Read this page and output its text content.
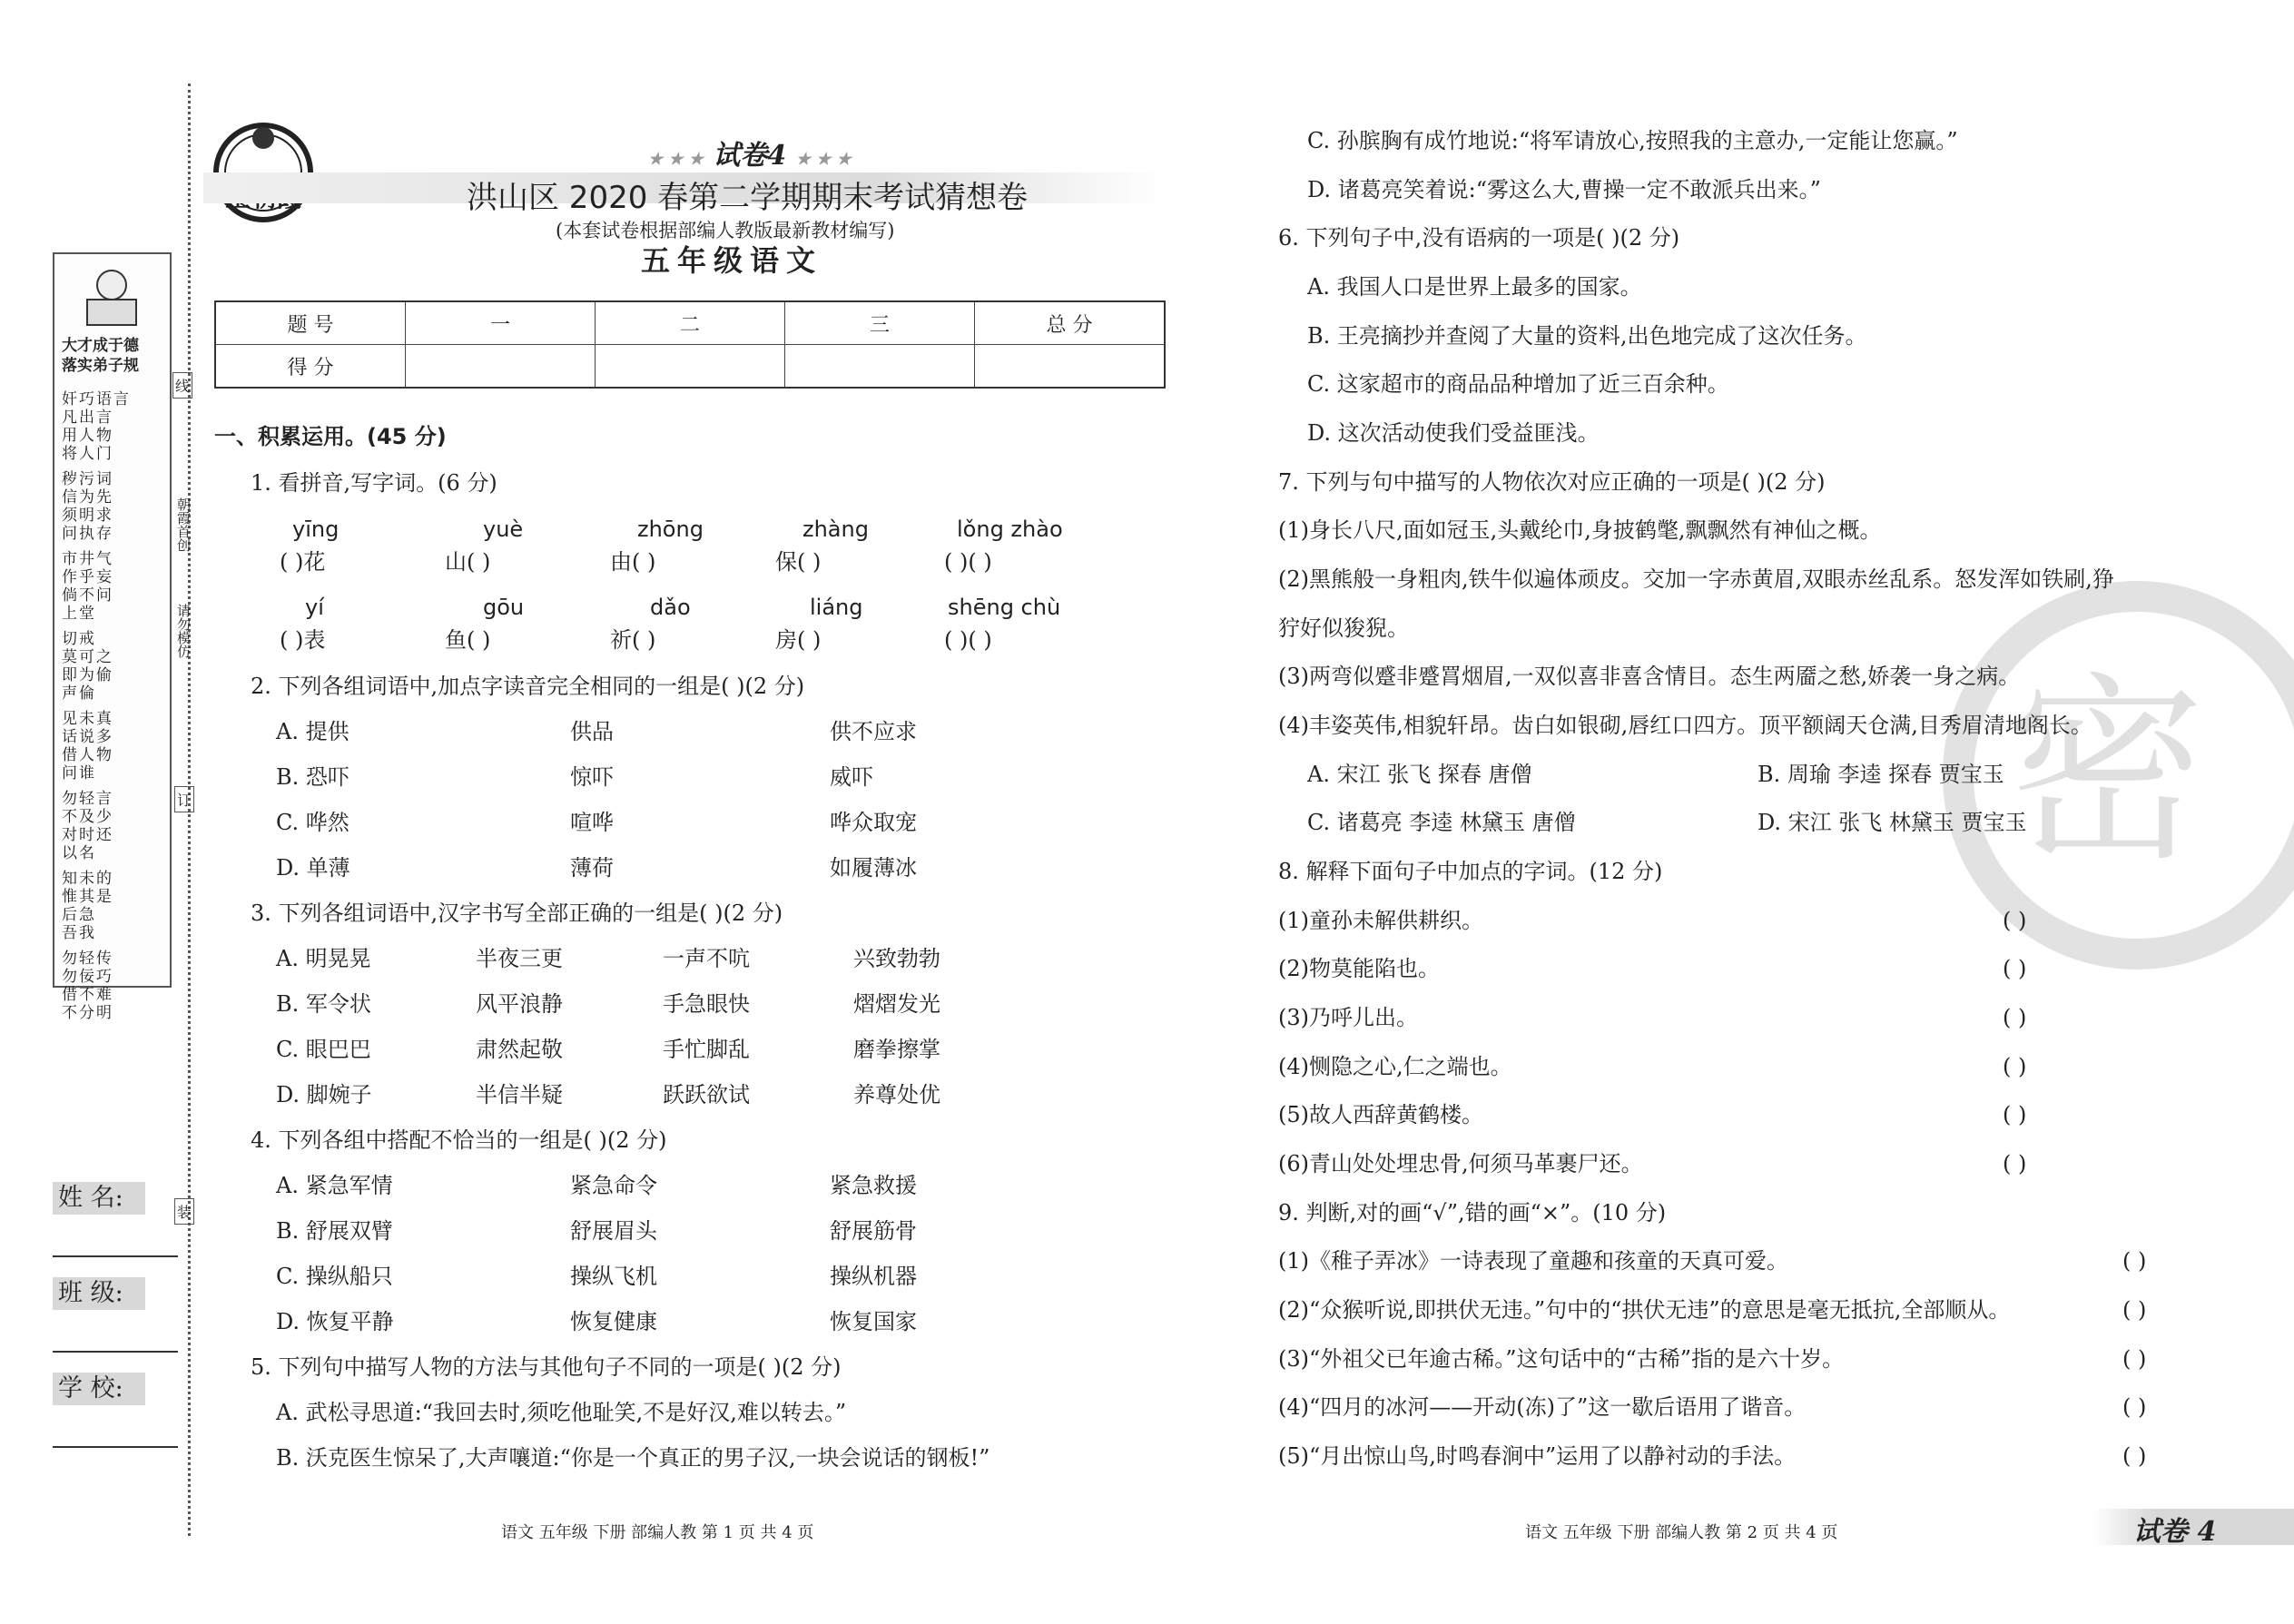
大才成于德
落实弟子规
奸巧语言
凡出言
用人物
将人门
秽污词
信为先
须明求
问执存
市井气
作乎妄
倘不问
上堂
切戒
莫可之
即为偷
声倫
见未真
话说多
借人物
问谁
勿轻言
不及少
对时还
以名
知未的
惟其是
后急
吾我
勿轻传
勿佞巧
借不难
不分明
线
朝霞首创
请勿模仿
订
装
姓 名:
班 级:
学 校:
★ ★ ★ 试卷4 ★ ★ ★
洪山区 2020 春第二学期期末考试猜想卷
(本套试卷根据部编人教版最新教材编写)
五年级语文
题 号	一	二	三	总 分
得 分				
一、积累运用。(45 分)
1. 看拼音,写字词。(6 分)
yīng	yuè	zhōng	zhàng	lǒng zhào
( )花	山( )	由( )	保( )	( )( )
yí	gōu	dǎo	liáng	shēng chù
( )表	鱼( )	祈( )	房( )	( )( )
2. 下列各组词语中,加点字读音完全相同的一组是( )(2 分)
A. 提供	供品	供不应求
B. 恐吓	惊吓	威吓
C. 哗然	喧哗	哗众取宠
D. 单薄	薄荷	如履薄冰
3. 下列各组词语中,汉字书写全部正确的一组是( )(2 分)
A. 明晃晃	半夜三更	一声不吭	兴致勃勃
B. 军令状	风平浪静	手急眼快	熠熠发光
C. 眼巴巴	肃然起敬	手忙脚乱	磨拳擦掌
D. 脚婉子	半信半疑	跃跃欲试	养尊处优
4. 下列各组中搭配不恰当的一组是( )(2 分)
A. 紧急军情	紧急命令	紧急救援
B. 舒展双臂	舒展眉头	舒展筋骨
C. 操纵船只	操纵飞机	操纵机器
D. 恢复平静	恢复健康	恢复国家
5. 下列句中描写人物的方法与其他句子不同的一项是( )(2 分)
A. 武松寻思道:“我回去时,须吃他耻笑,不是好汉,难以转去。”
B. 沃克医生惊呆了,大声嚷道:“你是一个真正的男子汉,一块会说话的钢板!”
语文 五年级 下册 部编人教 第 1 页 共 4 页
密
C. 孙膑胸有成竹地说:“将军请放心,按照我的主意办,一定能让您赢。”
D. 诸葛亮笑着说:“雾这么大,曹操一定不敢派兵出来。”
6. 下列句子中,没有语病的一项是( )(2 分)
A. 我国人口是世界上最多的国家。
B. 王亮摘抄并查阅了大量的资料,出色地完成了这次任务。
C. 这家超市的商品品种增加了近三百余种。
D. 这次活动使我们受益匪浅。
7. 下列与句中描写的人物依次对应正确的一项是( )(2 分)
(1)身长八尺,面如冠玉,头戴纶巾,身披鹤氅,飘飘然有神仙之概。
(2)黑熊般一身粗肉,铁牛似遍体顽皮。交加一字赤黄眉,双眼赤丝乱系。怒发浑如铁刷,狰
狞好似狻猊。
(3)两弯似蹙非蹙罥烟眉,一双似喜非喜含情目。态生两靥之愁,娇袭一身之病。
(4)丰姿英伟,相貌轩昂。齿白如银砌,唇红口四方。顶平额阔天仓满,目秀眉清地阁长。
A. 宋江 张飞 探春 唐僧	B. 周瑜 李逵 探春 贾宝玉
C. 诸葛亮 李逵 林黛玉 唐僧	D. 宋江 张飞 林黛玉 贾宝玉
8. 解释下面句子中加点的字词。(12 分)
(1)童孙未解供耕织。	( )
(2)物莫能陷也。	( )
(3)乃呼儿出。	( )
(4)恻隐之心,仁之端也。	( )
(5)故人西辞黄鹤楼。	( )
(6)青山处处埋忠骨,何须马革裹尸还。	( )
9. 判断,对的画“√”,错的画“×”。(10 分)
(1)《稚子弄冰》一诗表现了童趣和孩童的天真可爱。	( )
(2)“众猴听说,即拱伏无违。”句中的“拱伏无违”的意思是毫无抵抗,全部顺从。	( )
(3)“外祖父已年逾古稀。”这句话中的“古稀”指的是六十岁。	( )
(4)“四月的冰河——开动(冻)了”这一歇后语用了谐音。	( )
(5)“月出惊山鸟,时鸣春涧中”运用了以静衬动的手法。	( )
语文 五年级 下册 部编人教 第 2 页 共 4 页	试卷 4
